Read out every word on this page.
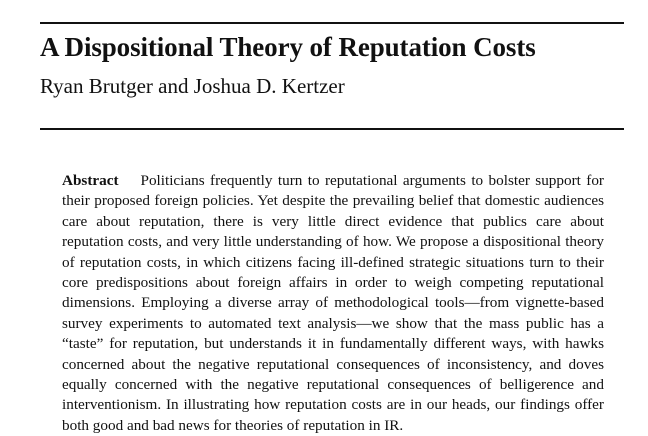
A Dispositional Theory of Reputation Costs

Ryan Brutger and Joshua D. Kertzer

Abstract Politicians frequently turn to reputational arguments to bolster support for their proposed foreign policies. Yet despite the prevailing belief that domestic audiences care about reputation, there is very little direct evidence that publics care about reputation costs, and very little understanding of how. We propose a dispositional theory of reputation costs, in which citizens facing ill-defined strategic situations turn to their core predispositions about foreign affairs in order to weigh competing reputational dimensions. Employing a diverse array of methodological tools—from vignette-based survey experiments to automated text analysis—we show that the mass public has a “taste” for reputation, but understands it in fundamentally different ways, with hawks concerned about the negative reputational consequences of inconsistency, and doves equally concerned with the negative reputational consequences of belligerence and interventionism. In illustrating how reputation costs are in our heads, our findings offer both good and bad news for theories of reputation in IR.
